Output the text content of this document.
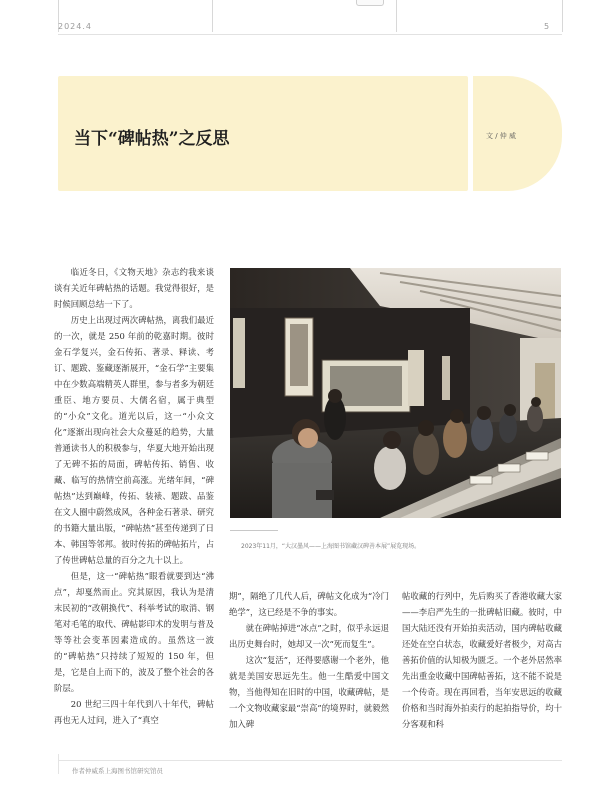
2024.4	5
当下“碑帖热”之反思	文 / 仲 威

临近冬日，《文物天地》杂志约我来谈谈有关近年碑帖热的话题。我觉得很好，是时候回顾总结一下了。

历史上出现过两次碑帖热，离我们最近的一次，就是 250 年前的乾嘉时期。彼时金石学复兴，金石传拓、著录、释读、考订、题跋、鉴藏逐渐展开，“金石学”主要集中在少数高端精英人群里，参与者多为朝廷重臣、地方要员、大儒名宿，属于典型的“小众”文化。道光以后，这一“小众文化”逐渐出现向社会大众蔓延的趋势，大量普通读书人的积极参与，华夏大地开始出现了无碑不拓的局面，碑帖传拓、销售、收藏、临写的热情空前高涨。光绪年间，“碑帖热”达到巅峰，传拓、装裱、题跋、品鉴在文人圈中蔚然成风，各种金石著录、研究的书籍大量出版，“碑帖热”甚至传递到了日本、韩国等邻邦。彼时传拓的碑帖拓片，占了传世碑帖总量的百分之九十以上。

但是，这一“碑帖热”眼看就要到达“沸点”，却戛然而止。究其原因，我认为是清末民初的“改朝换代”、科举考试的取消、钢笔对毛笔的取代、碑帖影印术的发明与普及等等社会变革因素造成的。虽然这一波的“碑帖热”只持续了短短的 150 年，但是，它是自上而下的，波及了整个社会的各阶层。

20 世纪三四十年代到八十年代，碑帖再也无人过问，进入了“真空

期”，隔绝了几代人后，碑帖文化成为“冷门绝学”，这已经是不争的事实。

就在碑帖掉进“冰点”之时，似乎永远退出历史舞台时，她却又一次“死而复生”。

这次“复活”，还得要感谢一个老外，他就是美国安思远先生。他一生酷爱中国文物，当他得知在旧时的中国，收藏碑帖，是一个文物收藏家最“崇高”的境界时，就毅然加入碑

帖收藏的行列中，先后购买了香港收藏大家——李启严先生的一批碑帖旧藏。彼时，中国大陆还没有开始拍卖活动，国内碑帖收藏还处在空白状态，收藏爱好者极少，对高古善拓价值的认知极为匮乏。一个老外居然率先出重金收藏中国碑帖善拓，这不能不说是一个传奇。现在再回看，当年安思远的收藏价格和当时海外拍卖行的起拍指导价，均十分客观和科

2023年11月，“大汉墨风——上海图书馆藏汉碑善本展”展览现场。
作者仲威系上海图书馆研究馆员
